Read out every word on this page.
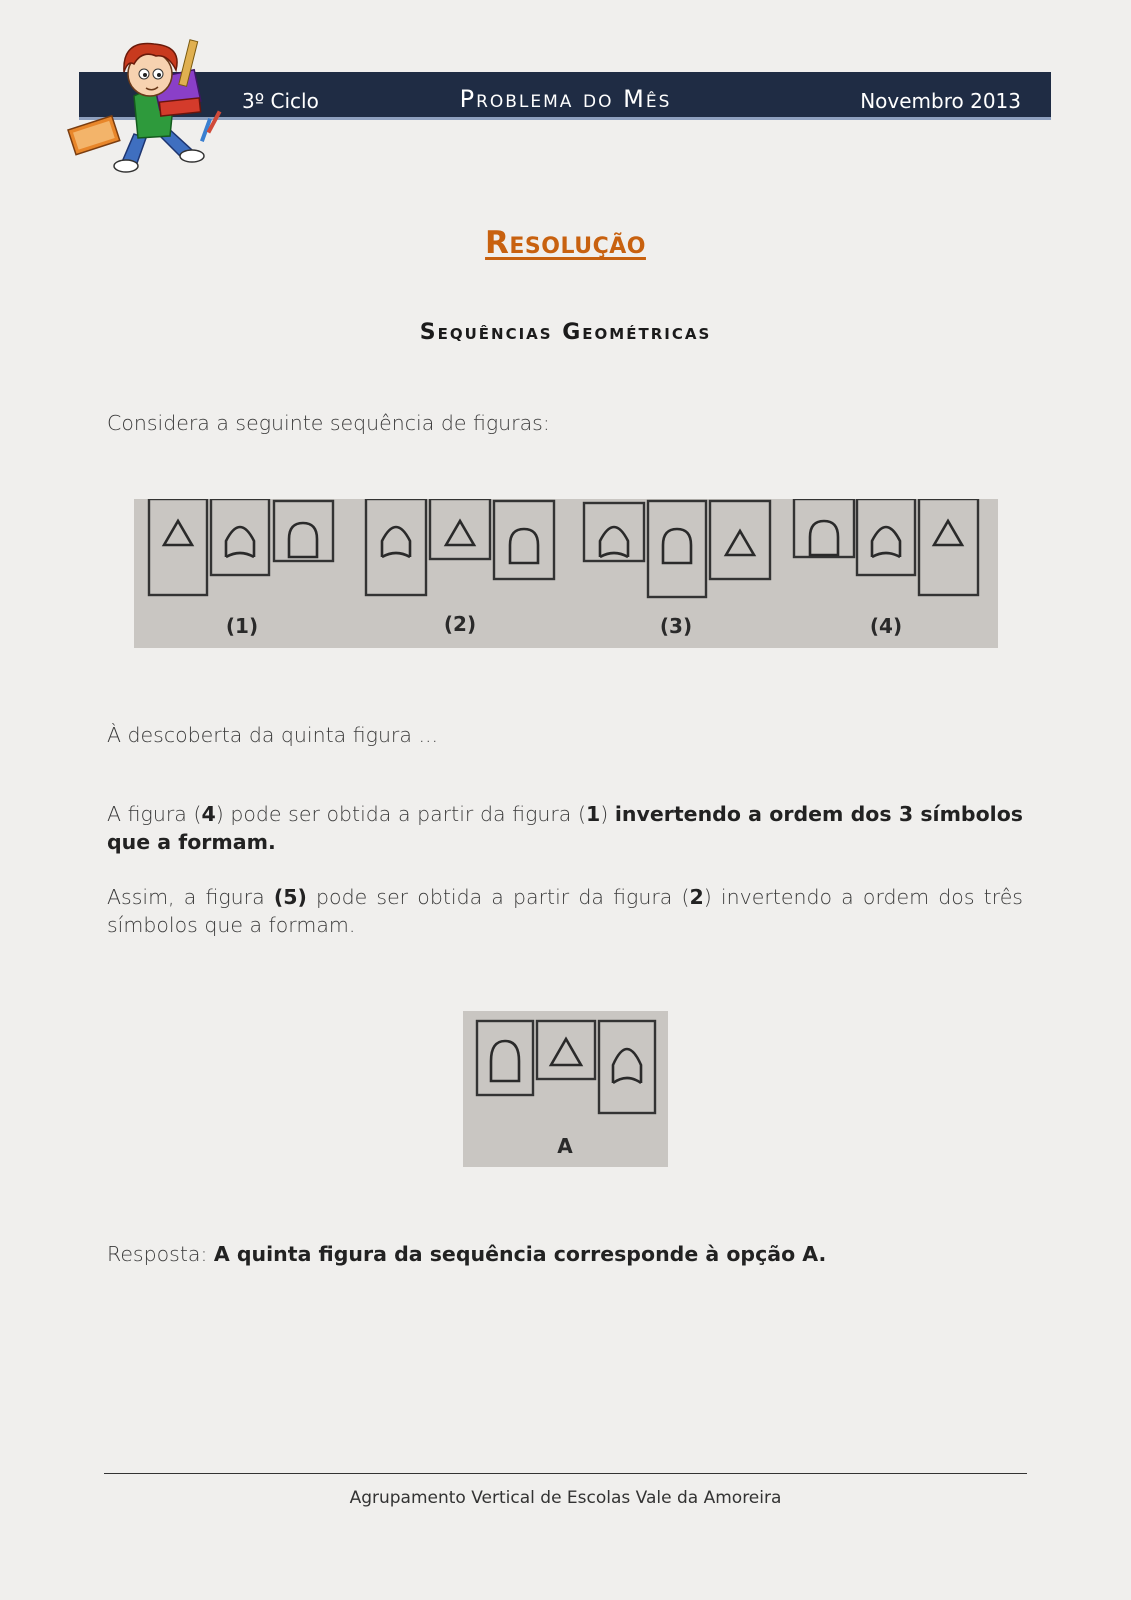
3º Ciclo	Problema do Mês	Novembro 2013
Resolução
Sequências Geométricas
Considera a seguinte sequência de figuras:
(1)	(2)	(3)	(4)
À descoberta da quinta figura ...
A figura (4) pode ser obtida a partir da figura (1) invertendo a ordem dos 3 símbolos que a formam.
Assim, a figura (5) pode ser obtida a partir da figura (2) invertendo a ordem dos três símbolos que a formam.
A
Resposta: A quinta figura da sequência corresponde à opção A.
Agrupamento Vertical de Escolas Vale da Amoreira
